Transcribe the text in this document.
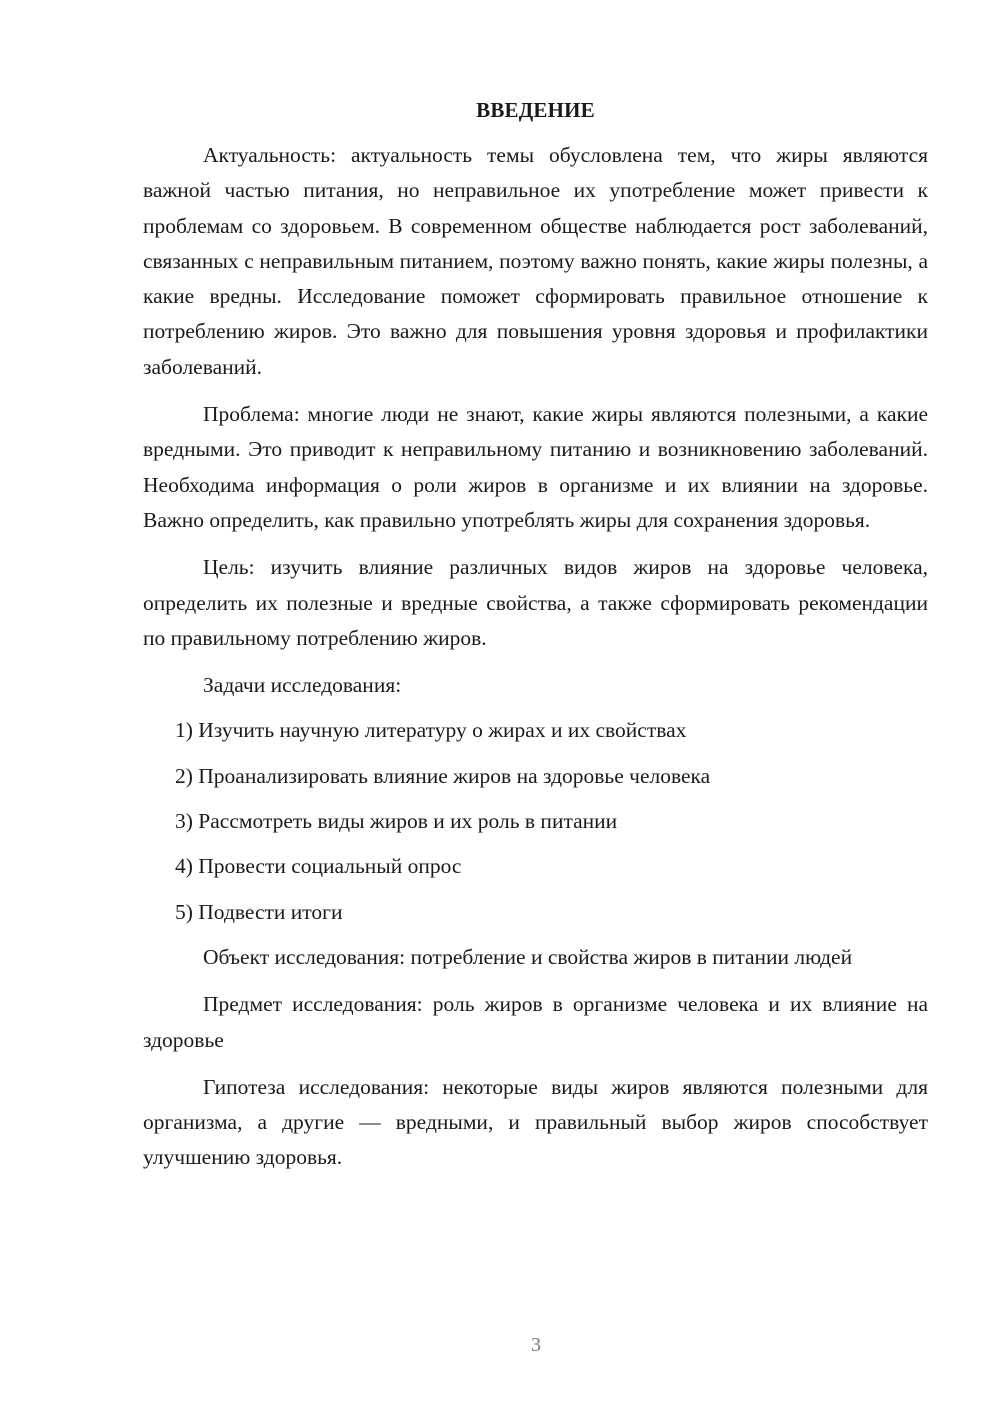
ВВЕДЕНИЕ

Актуальность: актуальность темы обусловлена тем, что жиры являются важной частью питания, но неправильное их употребление может привести к проблемам со здоровьем. В современном обществе наблюдается рост заболеваний, связанных с неправильным питанием, поэтому важно понять, какие жиры полезны, а какие вредны. Исследование поможет сформировать правильное отношение к потреблению жиров. Это важно для повышения уровня здоровья и профилактики заболеваний.

Проблема: многие люди не знают, какие жиры являются полезными, а какие вредными. Это приводит к неправильному питанию и возникновению заболеваний. Необходима информация о роли жиров в организме и их влиянии на здоровье. Важно определить, как правильно употреблять жиры для сохранения здоровья.

Цель: изучить влияние различных видов жиров на здоровье человека, определить их полезные и вредные свойства, а также сформировать рекомендации по правильному потреблению жиров.

Задачи исследования:

1) Изучить научную литературу о жирах и их свойствах

2) Проанализировать влияние жиров на здоровье человека

3) Рассмотреть виды жиров и их роль в питании

4) Провести социальный опрос

5) Подвести итоги

Объект исследования: потребление и свойства жиров в питании людей

Предмет исследования: роль жиров в организме человека и их влияние на здоровье

Гипотеза исследования: некоторые виды жиров являются полезными для организма, а другие — вредными, и правильный выбор жиров способствует улучшению здоровья.

3
